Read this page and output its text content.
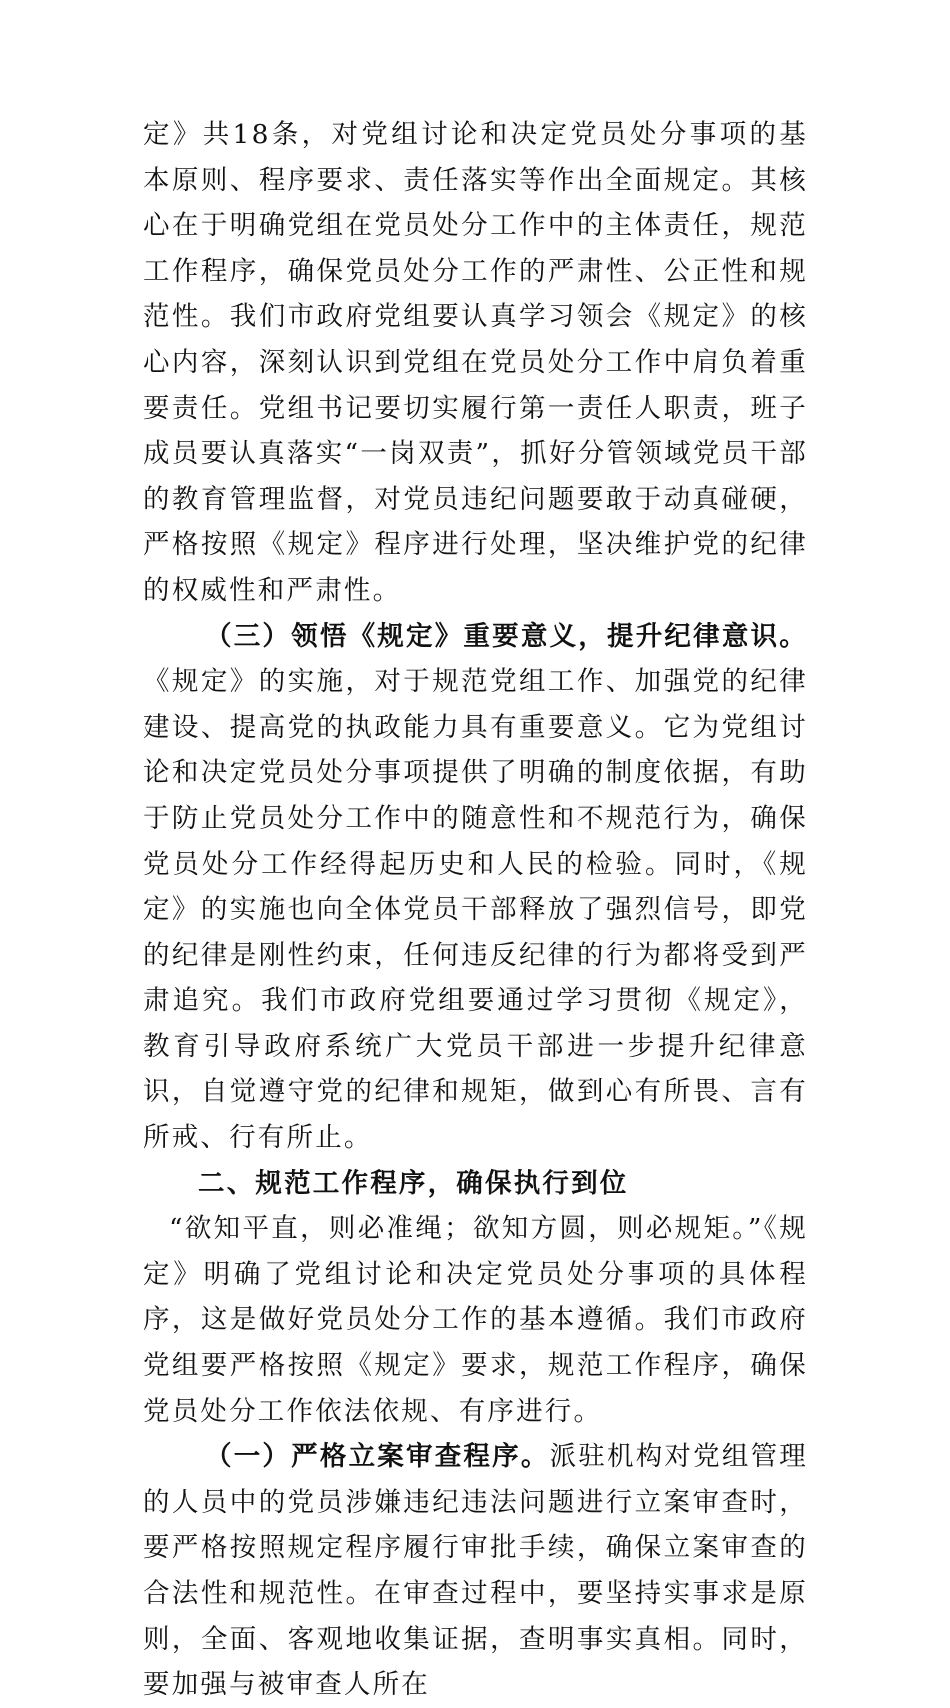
定》共18条，对党组讨论和决定党员处分事项的基本原则、程序要求、责任落实等作出全面规定。其核心在于明确党组在党员处分工作中的主体责任，规范工作程序，确保党员处分工作的严肃性、公正性和规范性。我们市政府党组要认真学习领会《规定》的核心内容，深刻认识到党组在党员处分工作中肩负着重要责任。党组书记要切实履行第一责任人职责，班子成员要认真落实“一岗双责”，抓好分管领域党员干部的教育管理监督，对党员违纪问题要敢于动真碰硬，严格按照《规定》程序进行处理，坚决维护党的纪律的权威性和严肃性。

（三）领悟《规定》重要意义，提升纪律意识。《规定》的实施，对于规范党组工作、加强党的纪律建设、提高党的执政能力具有重要意义。它为党组讨论和决定党员处分事项提供了明确的制度依据，有助于防止党员处分工作中的随意性和不规范行为，确保党员处分工作经得起历史和人民的检验。同时，《规定》的实施也向全体党员干部释放了强烈信号，即党的纪律是刚性约束，任何违反纪律的行为都将受到严肃追究。我们市政府党组要通过学习贯彻《规定》，教育引导政府系统广大党员干部进一步提升纪律意识，自觉遵守党的纪律和规矩，做到心有所畏、言有所戒、行有所止。

二、规范工作程序，确保执行到位

“欲知平直，则必准绳；欲知方圆，则必规矩。”《规定》明确了党组讨论和决定党员处分事项的具体程序，这是做好党员处分工作的基本遵循。我们市政府党组要严格按照《规定》要求，规范工作程序，确保党员处分工作依法依规、有序进行。

（一）严格立案审查程序。派驻机构对党组管理的人员中的党员涉嫌违纪违法问题进行立案审查时，要严格按照规定程序履行审批手续，确保立案审查的合法性和规范性。在审查过程中，要坚持实事求是原则，全面、客观地收集证据，查明事实真相。同时，要加强与被审查人所在
